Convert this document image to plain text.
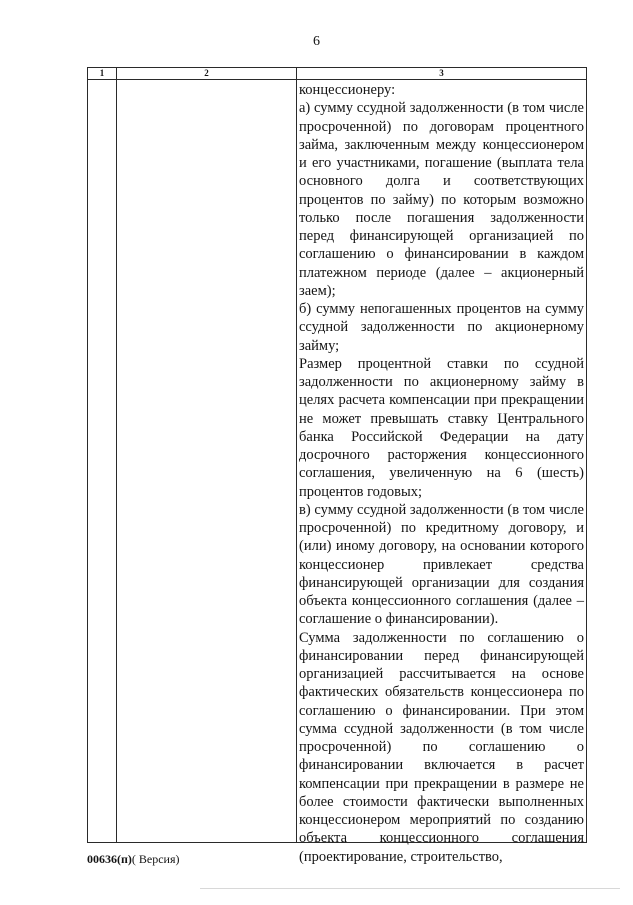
6
1	2	3

концессионеру:

а) сумму ссудной задолженности (в том числе просроченной) по договорам процентного займа, заключенным между концессионером и его участниками, погашение (выплата тела основного долга и соответствующих процентов по займу) по которым возможно только после погашения задолженности перед финансирующей организацией по соглашению о финансировании в каждом платежном периоде (далее – акционерный заем);

б) сумму непогашенных процентов на сумму ссудной задолженности по акционерному займу;

Размер процентной ставки по ссудной задолженности по акционерному займу в целях расчета компенсации при прекращении не может превышать ставку Центрального банка Российской Федерации на дату досрочного расторжения концессионного соглашения, увеличенную на 6 (шесть) процентов годовых;

в) сумму ссудной задолженности (в том числе просроченной) по кредитному договору, и (или) иному договору, на основании которого концессионер привлекает средства финансирующей организации для создания объекта концессионного соглашения (далее – соглашение о финансировании).

Сумма задолженности по соглашению о финансировании перед финансирующей организацией рассчитывается на основе фактических обязательств концессионера по соглашению о финансировании. При этом сумма ссудной задолженности (в том числе просроченной) по соглашению о финансировании включается в расчет компенсации при прекращении в размере не более стоимости фактически выполненных концессионером мероприятий по созданию объекта концессионного соглашения (проектирование, строительство,

00636(п)( Версия)
